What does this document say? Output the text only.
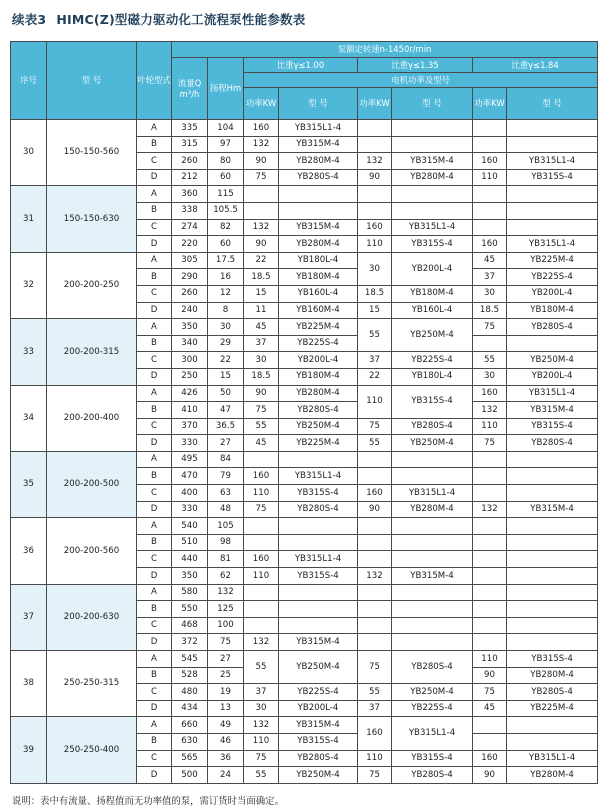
续表3 HIMC(Z)型磁力驱动化工流程泵性能参数表
序号	型 号	叶轮型式	泵额定转速n-1450r/min							
			流量Q m³/h	扬程Hm	比重γ≤1.00		比重γ≤1.35		比重γ≤1.84	
					电机功率及型号					
					功率KW	型 号	功率KW	型 号	功率KW	型 号
30	150-150-560	A	335	104	160	YB315L1-4				
		B	315	97	132	YB315M-4				
		C	260	80	90	YB280M-4	132	YB315M-4	160	YB315L1-4
		D	212	60	75	YB280S-4	90	YB280M-4	110	YB315S-4
31	150-150-630	A	360	115						
		B	338	105.5						
		C	274	82	132	YB315M-4	160	YB315L1-4		
		D	220	60	90	YB280M-4	110	YB315S-4	160	YB315L1-4
32	200-200-250	A	305	17.5	22	YB180L-4	30	YB200L-4	45	YB225M-4
		B	290	16	18.5	YB180M-4			37	YB225S-4
		C	260	12	15	YB160L-4	18.5	YB180M-4	30	YB200L-4
		D	240	8	11	YB160M-4	15	YB160L-4	18.5	YB180M-4
33	200-200-315	A	350	30	45	YB225M-4	55	YB250M-4	75	YB280S-4
		B	340	29	37	YB225S-4				
		C	300	22	30	YB200L-4	37	YB225S-4	55	YB250M-4
		D	250	15	18.5	YB180M-4	22	YB180L-4	30	YB200L-4
34	200-200-400	A	426	50	90	YB280M-4	110	YB315S-4	160	YB315L1-4
		B	410	47	75	YB280S-4			132	YB315M-4
		C	370	36.5	55	YB250M-4	75	YB280S-4	110	YB315S-4
		D	330	27	45	YB225M-4	55	YB250M-4	75	YB280S-4
35	200-200-500	A	495	84						
		B	470	79	160	YB315L1-4				
		C	400	63	110	YB315S-4	160	YB315L1-4		
		D	330	48	75	YB280S-4	90	YB280M-4	132	YB315M-4
36	200-200-560	A	540	105						
		B	510	98						
		C	440	81	160	YB315L1-4				
		D	350	62	110	YB315S-4	132	YB315M-4		
37	200-200-630	A	580	132						
		B	550	125						
		C	468	100						
		D	372	75	132	YB315M-4				
38	250-250-315	A	545	27	55	YB250M-4	75	YB280S-4	110	YB315S-4
		B	528	25					90	YB280M-4
		C	480	19	37	YB225S-4	55	YB250M-4	75	YB280S-4
		D	434	13	30	YB200L-4	37	YB225S-4	45	YB225M-4
39	250-250-400	A	660	49	132	YB315M-4	160	YB315L1-4		
		B	630	46	110	YB315S-4				
		C	565	36	75	YB280S-4	110	YB315S-4	160	YB315L1-4
		D	500	24	55	YB250M-4	75	YB280S-4	90	YB280M-4
说明：表中有流量、扬程值而无功率值的泵，需订货时当面确定。
